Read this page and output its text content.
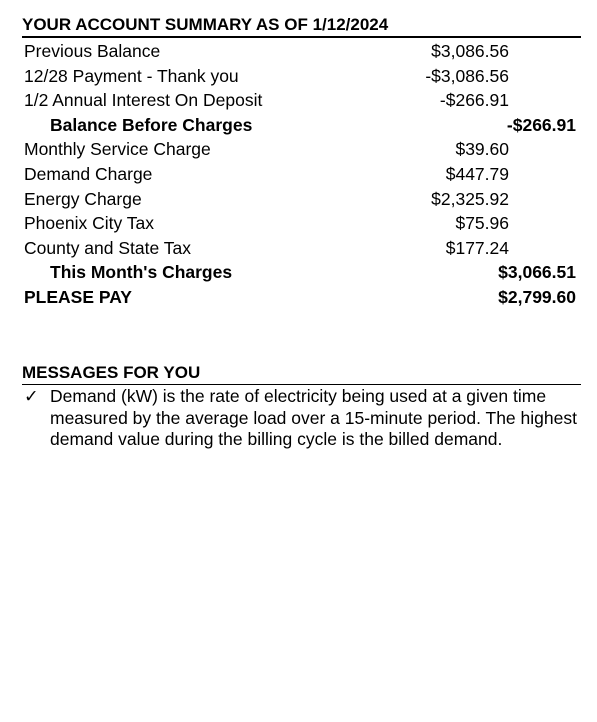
YOUR ACCOUNT SUMMARY AS OF 1/12/2024
Previous Balance	$3,086.56
12/28 Payment - Thank you	-$3,086.56
1/2 Annual Interest On Deposit	-$266.91
Balance Before Charges	-$266.91
Monthly Service Charge	$39.60
Demand Charge	$447.79
Energy Charge	$2,325.92
Phoenix City Tax	$75.96
County and State Tax	$177.24
This Month's Charges	$3,066.51
PLEASE PAY	$2,799.60
MESSAGES FOR YOU
✓ Demand (kW) is the rate of electricity being used at a given time measured by the average load over a 15-minute period. The highest demand value during the billing cycle is the billed demand.
